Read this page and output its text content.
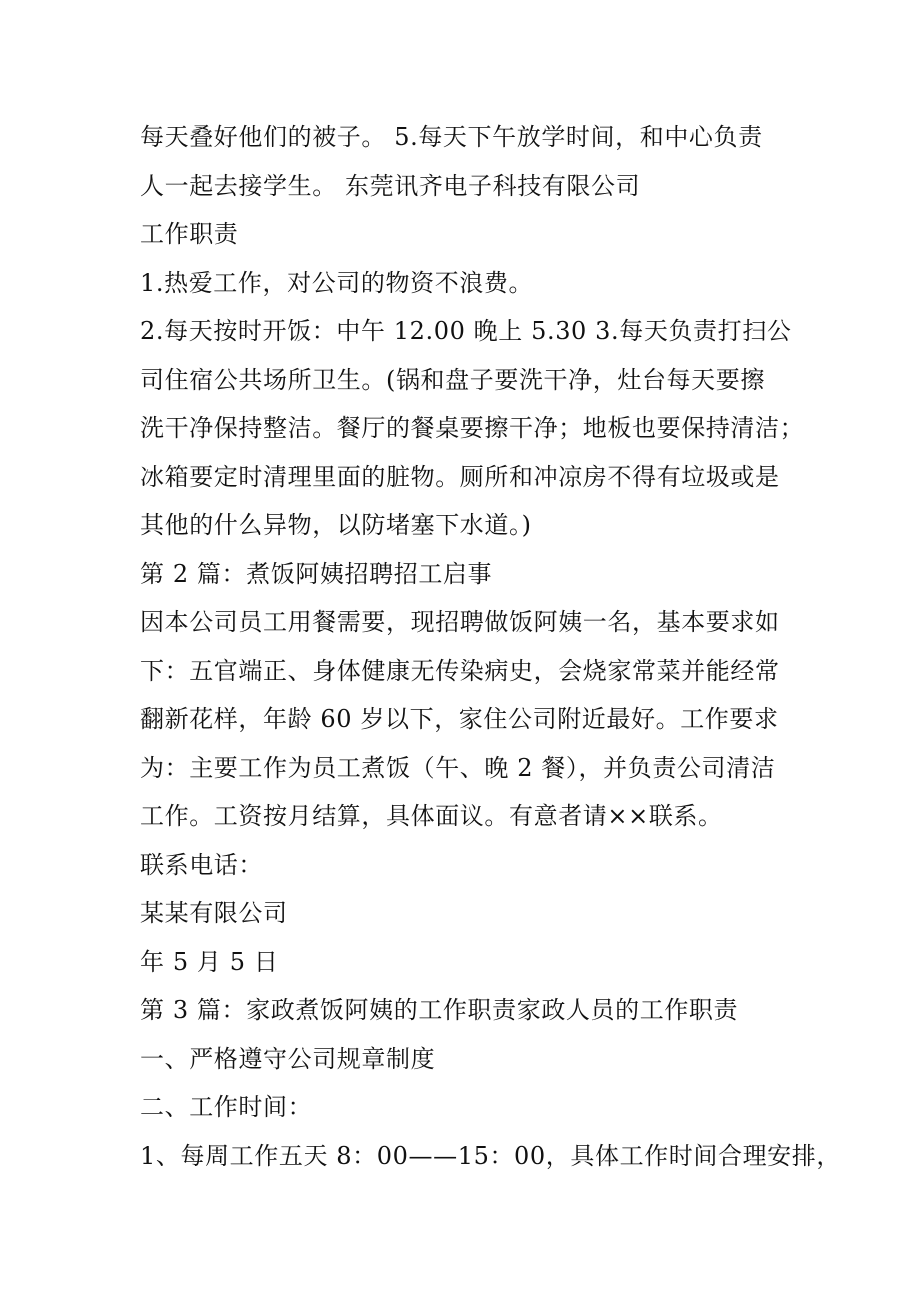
每天叠好他们的被子。 5.每天下午放学时间，和中心负责
人一起去接学生。 东莞讯齐电子科技有限公司
工作职责
1.热爱工作，对公司的物资不浪费。
2.每天按时开饭：中午 12.00 晚上 5.30 3.每天负责打扫公
司住宿公共场所卫生。(锅和盘子要洗干净，灶台每天要擦
洗干净保持整洁。餐厅的餐桌要擦干净；地板也要保持清洁；
冰箱要定时清理里面的脏物。厕所和冲凉房不得有垃圾或是
其他的什么异物，以防堵塞下水道。)
第 2 篇：煮饭阿姨招聘招工启事
因本公司员工用餐需要，现招聘做饭阿姨一名，基本要求如
下：五官端正、身体健康无传染病史，会烧家常菜并能经常
翻新花样，年龄 60 岁以下，家住公司附近最好。工作要求
为：主要工作为员工煮饭（午、晚 2 餐），并负责公司清洁
工作。工资按月结算，具体面议。有意者请××联系。
联系电话：
某某有限公司
年 5 月 5 日
第 3 篇：家政煮饭阿姨的工作职责家政人员的工作职责
一、严格遵守公司规章制度
二、工作时间：
1、每周工作五天 8：00——15：00，具体工作时间合理安排，
